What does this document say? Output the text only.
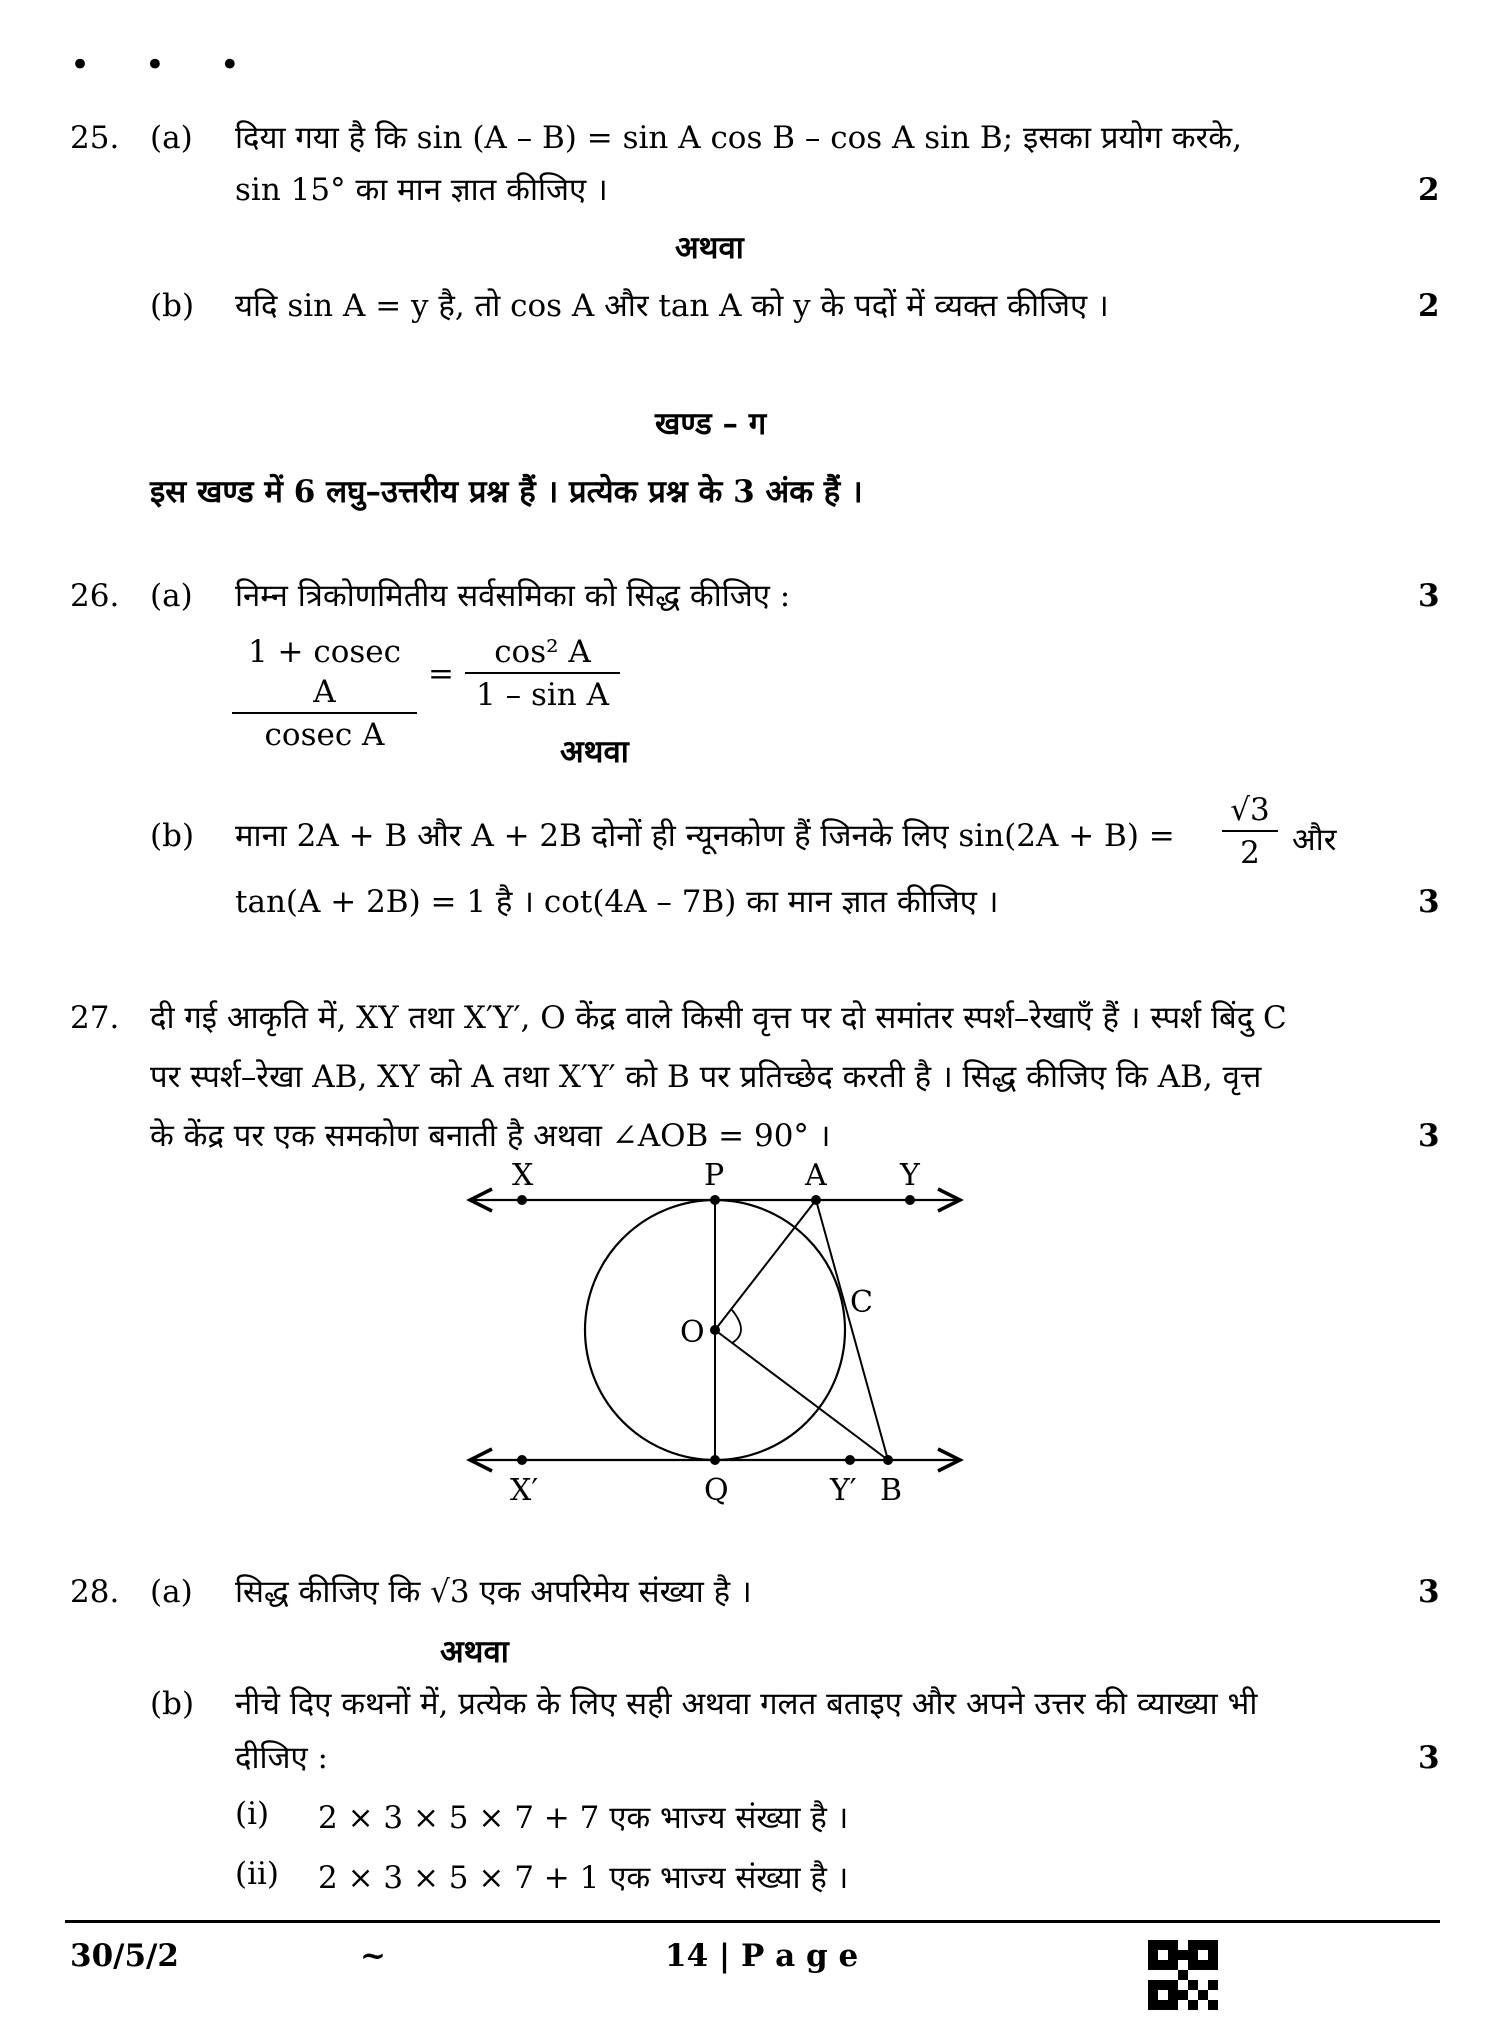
• • •
25. (a) दिया गया है कि sin (A – B) = sin A cos B – cos A sin B; इसका प्रयोग करके,
sin 15° का मान ज्ञात कीजिए ।	2
अथवा
(b) यदि sin A = y है, तो cos A और tan A को y के पदों में व्यक्त कीजिए ।	2
खण्ड – ग
इस खण्ड में 6 लघु–उत्तरीय प्रश्न हैं । प्रत्येक प्रश्न के 3 अंक हैं ।
26. (a) निम्न त्रिकोणमितीय सर्वसमिका को सिद्ध कीजिए :	3
$\frac{\text{1 + cosec A}}{\text{cosec A}} = \frac{\text{cos² A}}{\text{1 – sin A}}$
अथवा
(b) माना 2A + B और A + 2B दोनों ही न्यूनकोण हैं जिनके लिए $\sin(2A + B) = \frac{√3}{2}$ और
tan(A + 2B) = 1 है । cot(4A – 7B) का मान ज्ञात कीजिए ।	3
27. दी गई आकृति में, XY तथा X′Y′, O केंद्र वाले किसी वृत्त पर दो समांतर स्पर्श–रेखाएँ हैं । स्पर्श बिंदु C
पर स्पर्श–रेखा AB, XY को A तथा X′Y′ को B पर प्रतिच्छेद करती है । सिद्ध कीजिए कि AB, वृत्त
के केंद्र पर एक समकोण बनाती है अथवा ∠AOB = 90° ।	3
X	P	A Y
C
O
X′	Q	Y′ B
28. (a) सिद्ध कीजिए कि √3 एक अपरिमेय संख्या है ।	3
अथवा
(b) नीचे दिए कथनों में, प्रत्येक के लिए सही अथवा गलत बताइए और अपने उत्तर की व्याख्या भी
दीजिए :	3
(i) 2 × 3 × 5 × 7 + 7 एक भाज्य संख्या है ।
(ii) 2 × 3 × 5 × 7 + 1 एक भाज्य संख्या है ।
30/5/2	~	14 | P a g e
